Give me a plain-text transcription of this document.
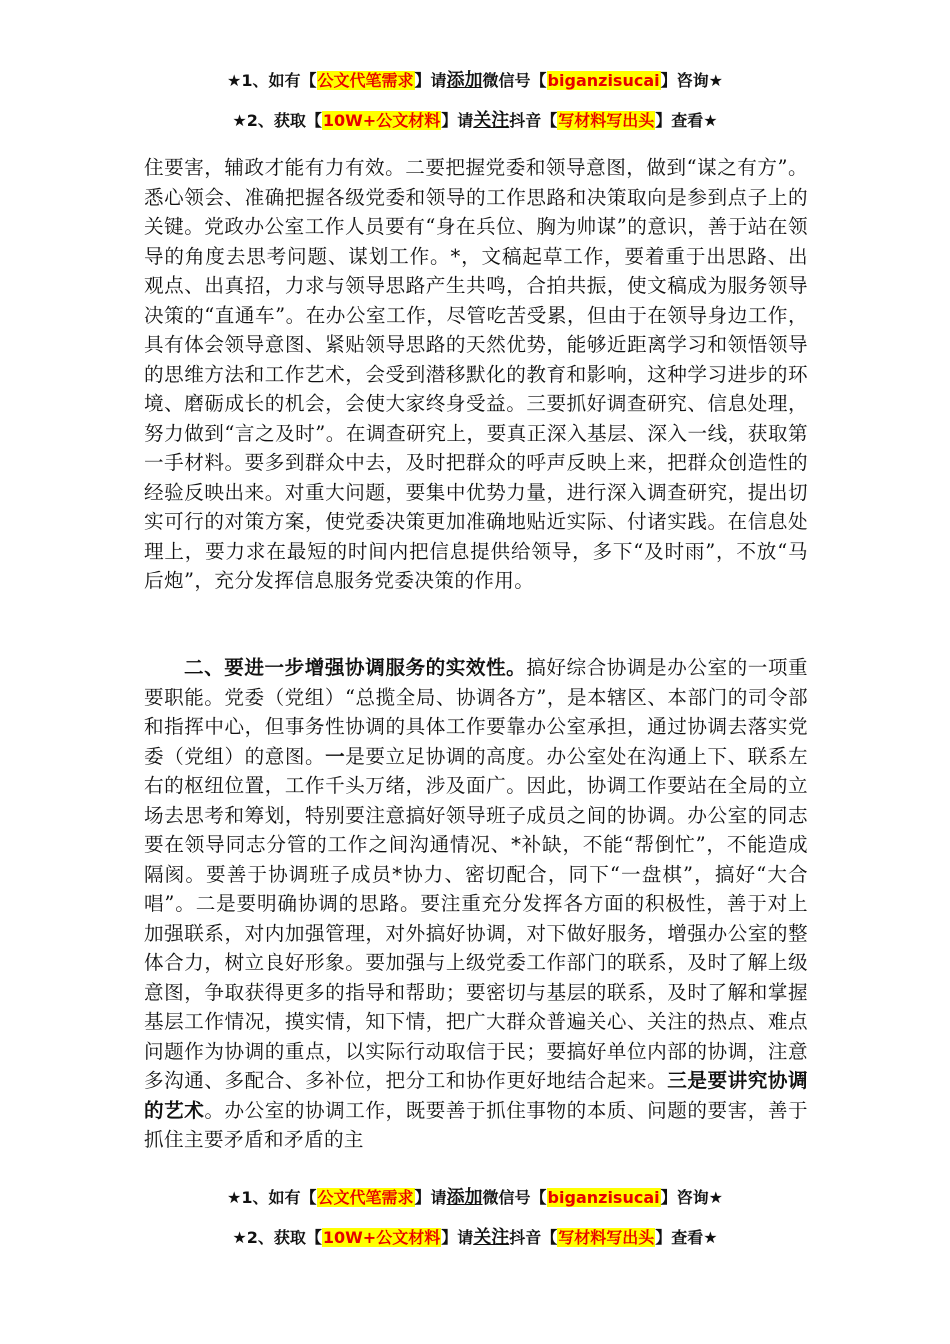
★1、如有【公文代笔需求】请添加微信号【biganzisucai】咨询★
★2、获取【10W+公文材料】请关注抖音【写材料写出头】查看★
住要害，辅政才能有力有效。二要把握党委和领导意图，做到“谋之有方”。悉心领会、准确把握各级党委和领导的工作思路和决策取向是参到点子上的关键。党政办公室工作人员要有“身在兵位、胸为帅谋”的意识，善于站在领导的角度去思考问题、谋划工作。*，文稿起草工作，要着重于出思路、出观点、出真招，力求与领导思路产生共鸣，合拍共振，使文稿成为服务领导决策的“直通车”。在办公室工作，尽管吃苦受累，但由于在领导身边工作，具有体会领导意图、紧贴领导思路的天然优势，能够近距离学习和领悟领导的思维方法和工作艺术，会受到潜移默化的教育和影响，这种学习进步的环境、磨砺成长的机会，会使大家终身受益。三要抓好调查研究、信息处理，努力做到“言之及时”。在调查研究上，要真正深入基层、深入一线，获取第一手材料。要多到群众中去，及时把群众的呼声反映上来，把群众创造性的经验反映出来。对重大问题，要集中优势力量，进行深入调查研究，提出切实可行的对策方案，使党委决策更加准确地贴近实际、付诸实践。在信息处理上，要力求在最短的时间内把信息提供给领导，多下“及时雨”，不放“马后炮”，充分发挥信息服务党委决策的作用。
二、要进一步增强协调服务的实效性。搞好综合协调是办公室的一项重要职能。党委（党组）“总揽全局、协调各方”，是本辖区、本部门的司令部和指挥中心，但事务性协调的具体工作要靠办公室承担，通过协调去落实党委（党组）的意图。一是要立足协调的高度。办公室处在沟通上下、联系左右的枢纽位置，工作千头万绪，涉及面广。因此，协调工作要站在全局的立场去思考和筹划，特别要注意搞好领导班子成员之间的协调。办公室的同志要在领导同志分管的工作之间沟通情况、*补缺，不能“帮倒忙”，不能造成隔阂。要善于协调班子成员*协力、密切配合，同下“一盘棋”，搞好“大合唱”。二是要明确协调的思路。要注重充分发挥各方面的积极性，善于对上加强联系，对内加强管理，对外搞好协调，对下做好服务，增强办公室的整体合力，树立良好形象。要加强与上级党委工作部门的联系，及时了解上级意图，争取获得更多的指导和帮助；要密切与基层的联系，及时了解和掌握基层工作情况，摸实情，知下情，把广大群众普遍关心、关注的热点、难点问题作为协调的重点，以实际行动取信于民；要搞好单位内部的协调，注意多沟通、多配合、多补位，把分工和协作更好地结合起来。三是要讲究协调的艺术。办公室的协调工作，既要善于抓住事物的本质、问题的要害，善于抓住主要矛盾和矛盾的主
★1、如有【公文代笔需求】请添加微信号【biganzisucai】咨询★
★2、获取【10W+公文材料】请关注抖音【写材料写出头】查看★
